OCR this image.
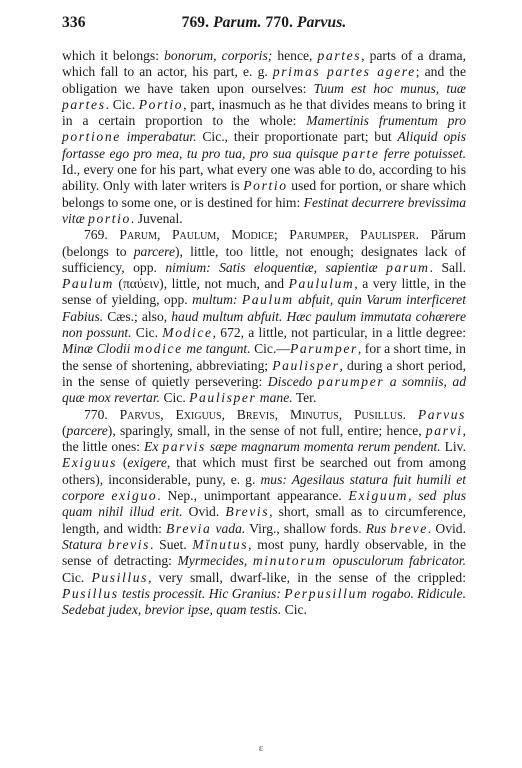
336	769. Parum. 770. Parvus.

which it belongs: bonorum, corporis; hence, partes, parts of a drama, which fall to an actor, his part, e. g. primas partes agere; and the obligation we have taken upon ourselves: Tuum est hoc munus, tuæ partes. Cic. Portio, part, inasmuch as he that divides means to bring it in a certain proportion to the whole: Mamertinis frumentum pro portione imperabatur. Cic., their proportionate part; but Aliquid opis fortasse ego pro mea, tu pro tua, pro sua quisque parte ferre potuisset. Id., every one for his part, what every one was able to do, according to his ability. Only with later writers is Portio used for portion, or share which belongs to some one, or is destined for him: Festinat decurrere brevissima vitæ portio. Juvenal.

769. Parum, Paulum, Modice; Parumper, Paulisper. Părum (belongs to parcere), little, too little, not enough; designates lack of sufficiency, opp. nimium: Satis eloquentiæ, sapientiæ parum. Sall. Paulum (παύειν), little, not much, and Paululum, a very little, in the sense of yielding, opp. multum: Paulum abfuit, quin Varum interficeret Fabius. Cæs.; also, haud multum abfuit. Hæc paulum immutata cohærere non possunt. Cic. Modice, 672, a little, not particular, in a little degree: Minæ Clodii modice me tangunt. Cic.—Parumper, for a short time, in the sense of shortening, abbreviating; Paulisper, during a short period, in the sense of quietly persevering: Discedo parumper a somniis, ad quæ mox revertar. Cic. Paulisper mane. Ter.

770. Parvus, Exiguus, Brevis, Minutus, Pusillus. Parvus (parcere), sparingly, small, in the sense of not full, entire; hence, parvi, the little ones: Ex parvis sæpe magnarum momenta rerum pendent. Liv. Exiguus (exigere, that which must first be searched out from among others), inconsiderable, puny, e. g. mus: Agesilaus statura fuit humili et corpore exiguo. Nep., unimportant appearance. Exiguum, sed plus quam nihil illud erit. Ovid. Brevis, short, small as to circumference, length, and width: Brevia vada. Virg., shallow fords. Rus breve. Ovid. Statura brevis. Suet. Mĭnutus, most puny, hardly observable, in the sense of detracting: Myrmecides, minutorum opusculorum fabricator. Cic. Pusillus, very small, dwarf-like, in the sense of the crippled: Pusillus testis processit. Hic Granius: Perpusillum rogabo. Ridicule. Sedebat judex, brevior ipse, quam testis. Cic.

ε
